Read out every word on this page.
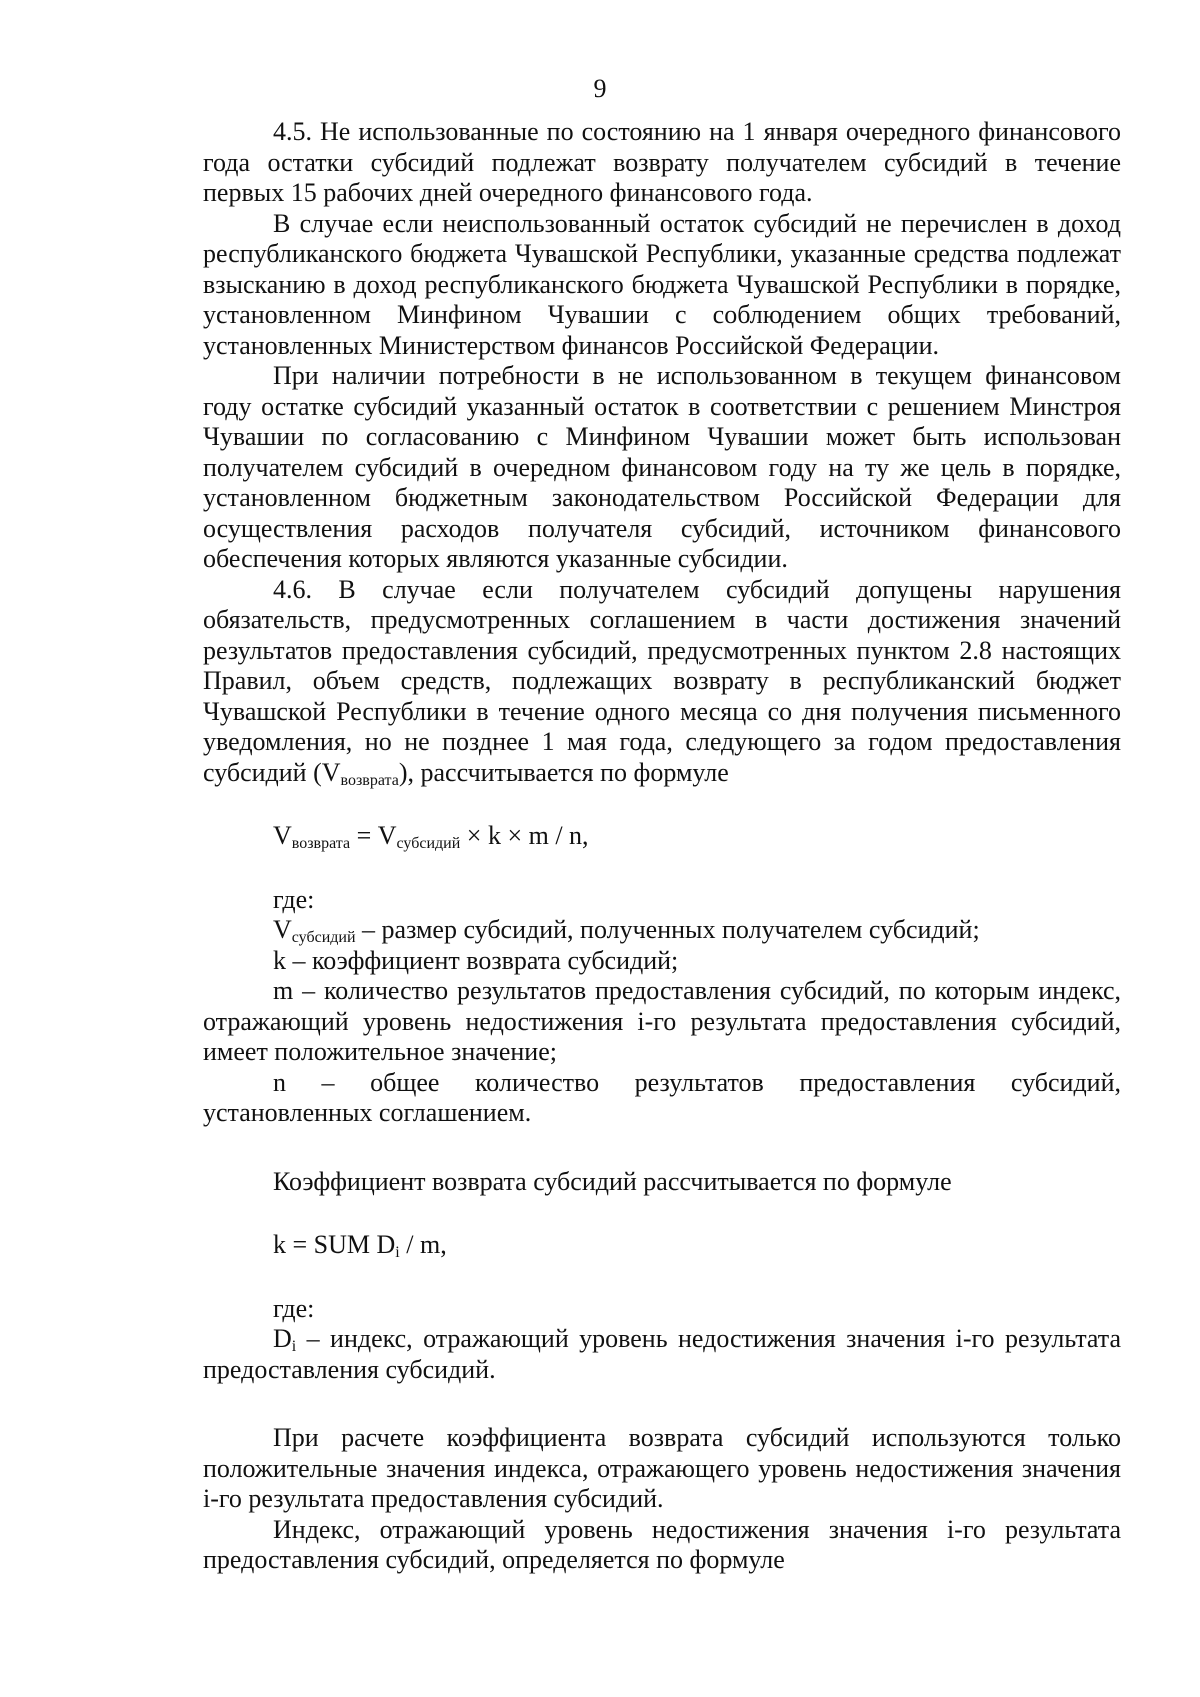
9

4.5. Не использованные по состоянию на 1 января очередного финансового года остатки субсидий подлежат возврату получателем субсидий в течение первых 15 рабочих дней очередного финансового года.

В случае если неиспользованный остаток субсидий не перечислен в доход республиканского бюджета Чувашской Республики, указанные средства подлежат взысканию в доход республиканского бюджета Чувашской Республики в порядке, установленном Минфином Чувашии с соблюдением общих требований, установленных Министерством финансов Российской Федерации.

При наличии потребности в не использованном в текущем финансовом году остатке субсидий указанный остаток в соответствии с решением Минстроя Чувашии по согласованию с Минфином Чувашии может быть использован получателем субсидий в очередном финансовом году на ту же цель в порядке, установленном бюджетным законодательством Российской Федерации для осуществления расходов получателя субсидий, источником финансового обеспечения которых являются указанные субсидии.

4.6. В случае если получателем субсидий допущены нарушения обязательств, предусмотренных соглашением в части достижения значений результатов предоставления субсидий, предусмотренных пунктом 2.8 настоящих Правил, объем средств, подлежащих возврату в республиканский бюджет Чувашской Республики в течение одного месяца со дня получения письменного уведомления, но не позднее 1 мая года, следующего за годом предоставления субсидий $(V_{возврата})$, рассчитывается по формуле

$V_{возврата} = V_{субсидий} \times k \times m / n$,

где:

$V_{субсидий}$ – размер субсидий, полученных получателем субсидий;

k – коэффициент возврата субсидий;

m – количество результатов предоставления субсидий, по которым индекс, отражающий уровень недостижения i-го результата предоставления субсидий, имеет положительное значение;

n – общее количество результатов предоставления субсидий, установленных соглашением.

Коэффициент возврата субсидий рассчитывается по формуле

k = SUM $D_i$ / m,

где:

$D_i$ – индекс, отражающий уровень недостижения значения i-го результата предоставления субсидий.

При расчете коэффициента возврата субсидий используются только положительные значения индекса, отражающего уровень недостижения значения i-го результата предоставления субсидий.

Индекс, отражающий уровень недостижения значения i-го результата предоставления субсидий, определяется по формуле
